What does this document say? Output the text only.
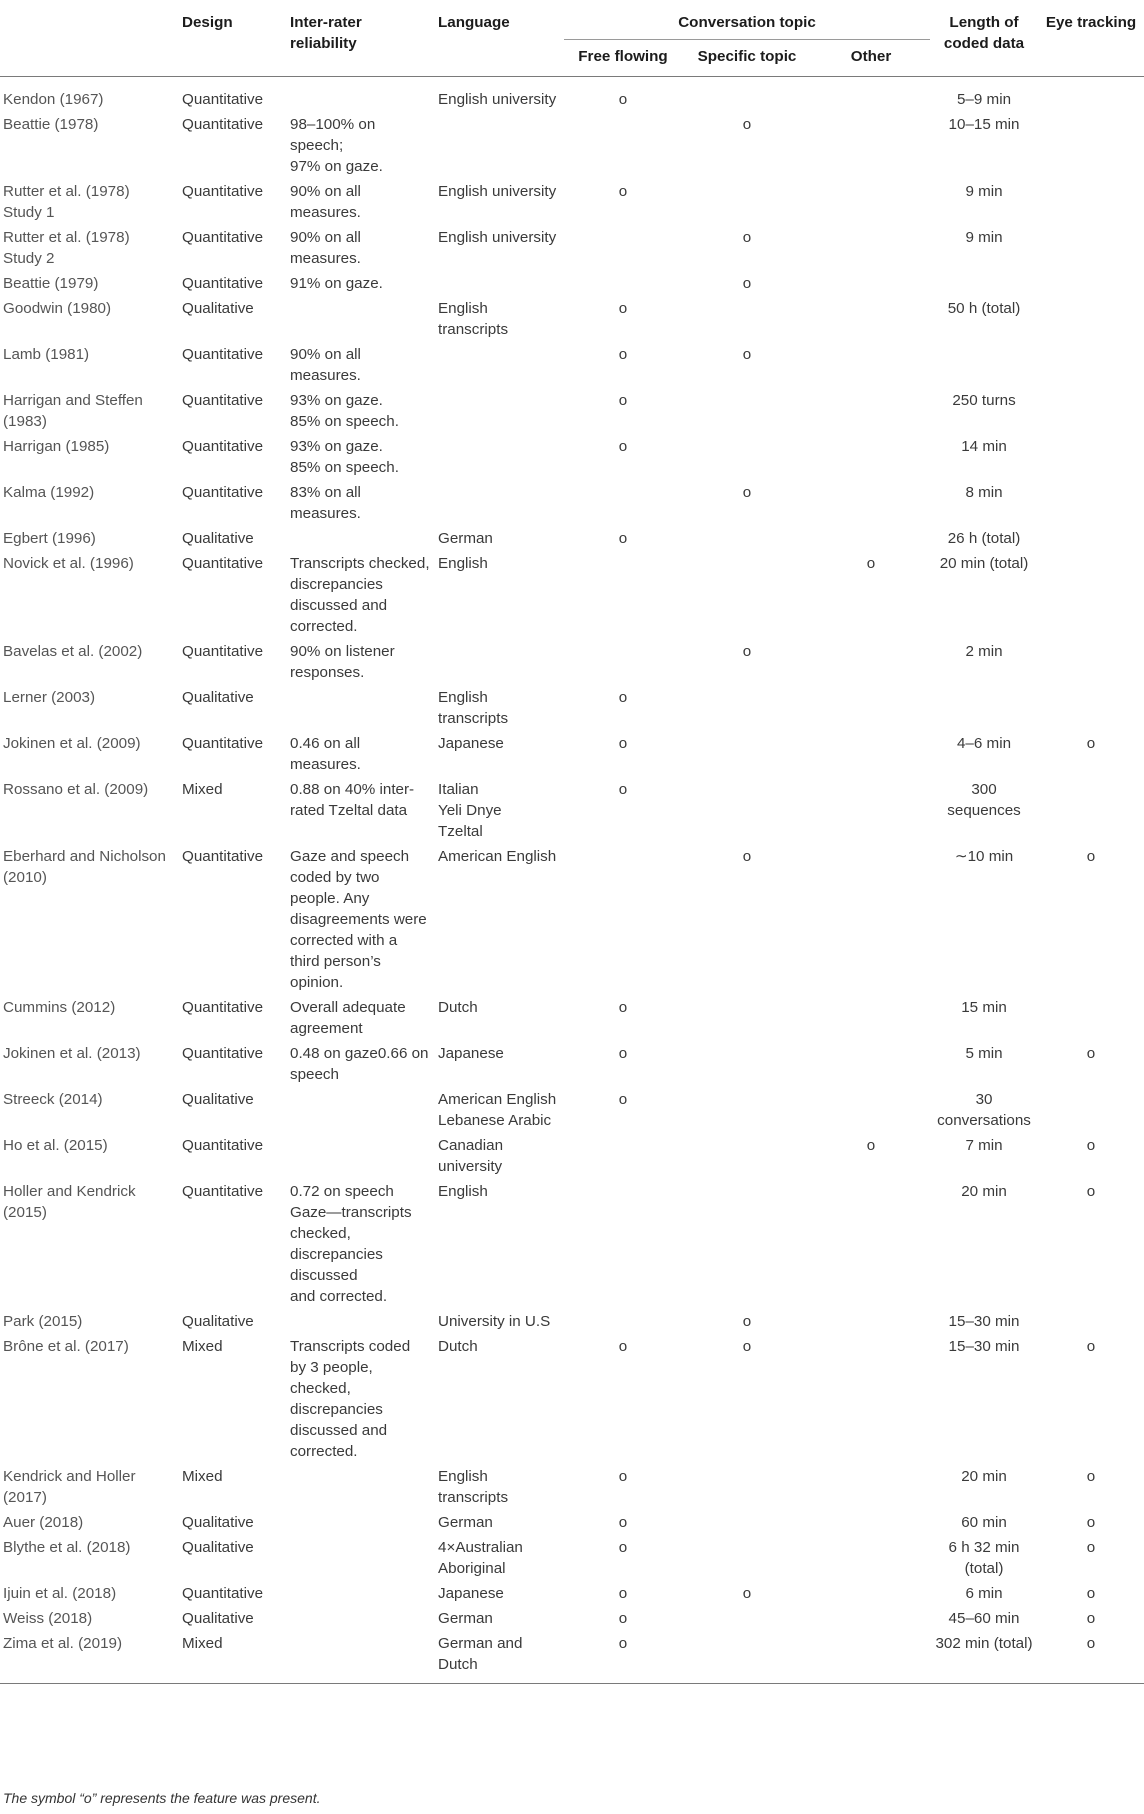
	Design	Inter-rater reliability	Language	Conversation topic			Length of coded data	Eye tracking
				Free flowing	Specific topic	Other		
Kendon (1967)	Quantitative		English university	o			5–9 min	
Beattie (1978)	Quantitative	98–100% on speech;
97% on gaze.			o		10–15 min	
Rutter et al. (1978)
Study 1	Quantitative	90% on all measures.	English university	o			9 min	
Rutter et al. (1978)
Study 2	Quantitative	90% on all measures.	English university		o		9 min	
Beattie (1979)	Quantitative	91% on gaze.			o			
Goodwin (1980)	Qualitative		English transcripts	o			50 h (total)	
Lamb (1981)	Quantitative	90% on all measures.		o	o			
Harrigan and Steffen (1983)	Quantitative	93% on gaze.
85% on speech.		o			250 turns	
Harrigan (1985)	Quantitative	93% on gaze.
85% on speech.		o			14 min	
Kalma (1992)	Quantitative	83% on all measures.			o		8 min	
Egbert (1996)	Qualitative		German	o			26 h (total)	
Novick et al. (1996)	Quantitative	Transcripts checked, discrepancies discussed and corrected.	English			o	20 min (total)	
Bavelas et al. (2002)	Quantitative	90% on listener responses.			o		2 min	
Lerner (2003)	Qualitative		English transcripts	o				
Jokinen et al. (2009)	Quantitative	0.46 on all measures.	Japanese	o			4–6 min	o
Rossano et al. (2009)	Mixed	0.88 on 40% inter-rated Tzeltal data	Italian
Yeli Dnye
Tzeltal	o			300 sequences	
Eberhard and Nicholson (2010)	Quantitative	Gaze and speech coded by two people. Any disagreements were corrected with a third person’s opinion.	American English		o		∼10 min	o
Cummins (2012)	Quantitative	Overall adequate agreement	Dutch	o			15 min	
Jokinen et al. (2013)	Quantitative	0.48 on gaze0.66 on speech	Japanese	o			5 min	o
Streeck (2014)	Qualitative		American English
Lebanese Arabic	o			30 conversations	
Ho et al. (2015)	Quantitative		Canadian university			o	7 min	o
Holler and Kendrick (2015)	Quantitative	0.72 on speech
Gaze—transcripts checked, discrepancies discussed
and corrected.	English				20 min	o
Park (2015)	Qualitative		University in U.S		o		15–30 min	
Brône et al. (2017)	Mixed	Transcripts coded by 3 people, checked, discrepancies discussed and corrected.	Dutch	o	o		15–30 min	o
Kendrick and Holler (2017)	Mixed		English transcripts	o			20 min	o
Auer (2018)	Qualitative		German	o			60 min	o
Blythe et al. (2018)	Qualitative		4×Australian Aboriginal	o			6 h 32 min (total)	o
Ijuin et al. (2018)	Quantitative		Japanese	o	o		6 min	o
Weiss (2018)	Qualitative		German	o			45–60 min	o
Zima et al. (2019)	Mixed		German and Dutch	o			302 min (total)	o
The symbol “o” represents the feature was present.
